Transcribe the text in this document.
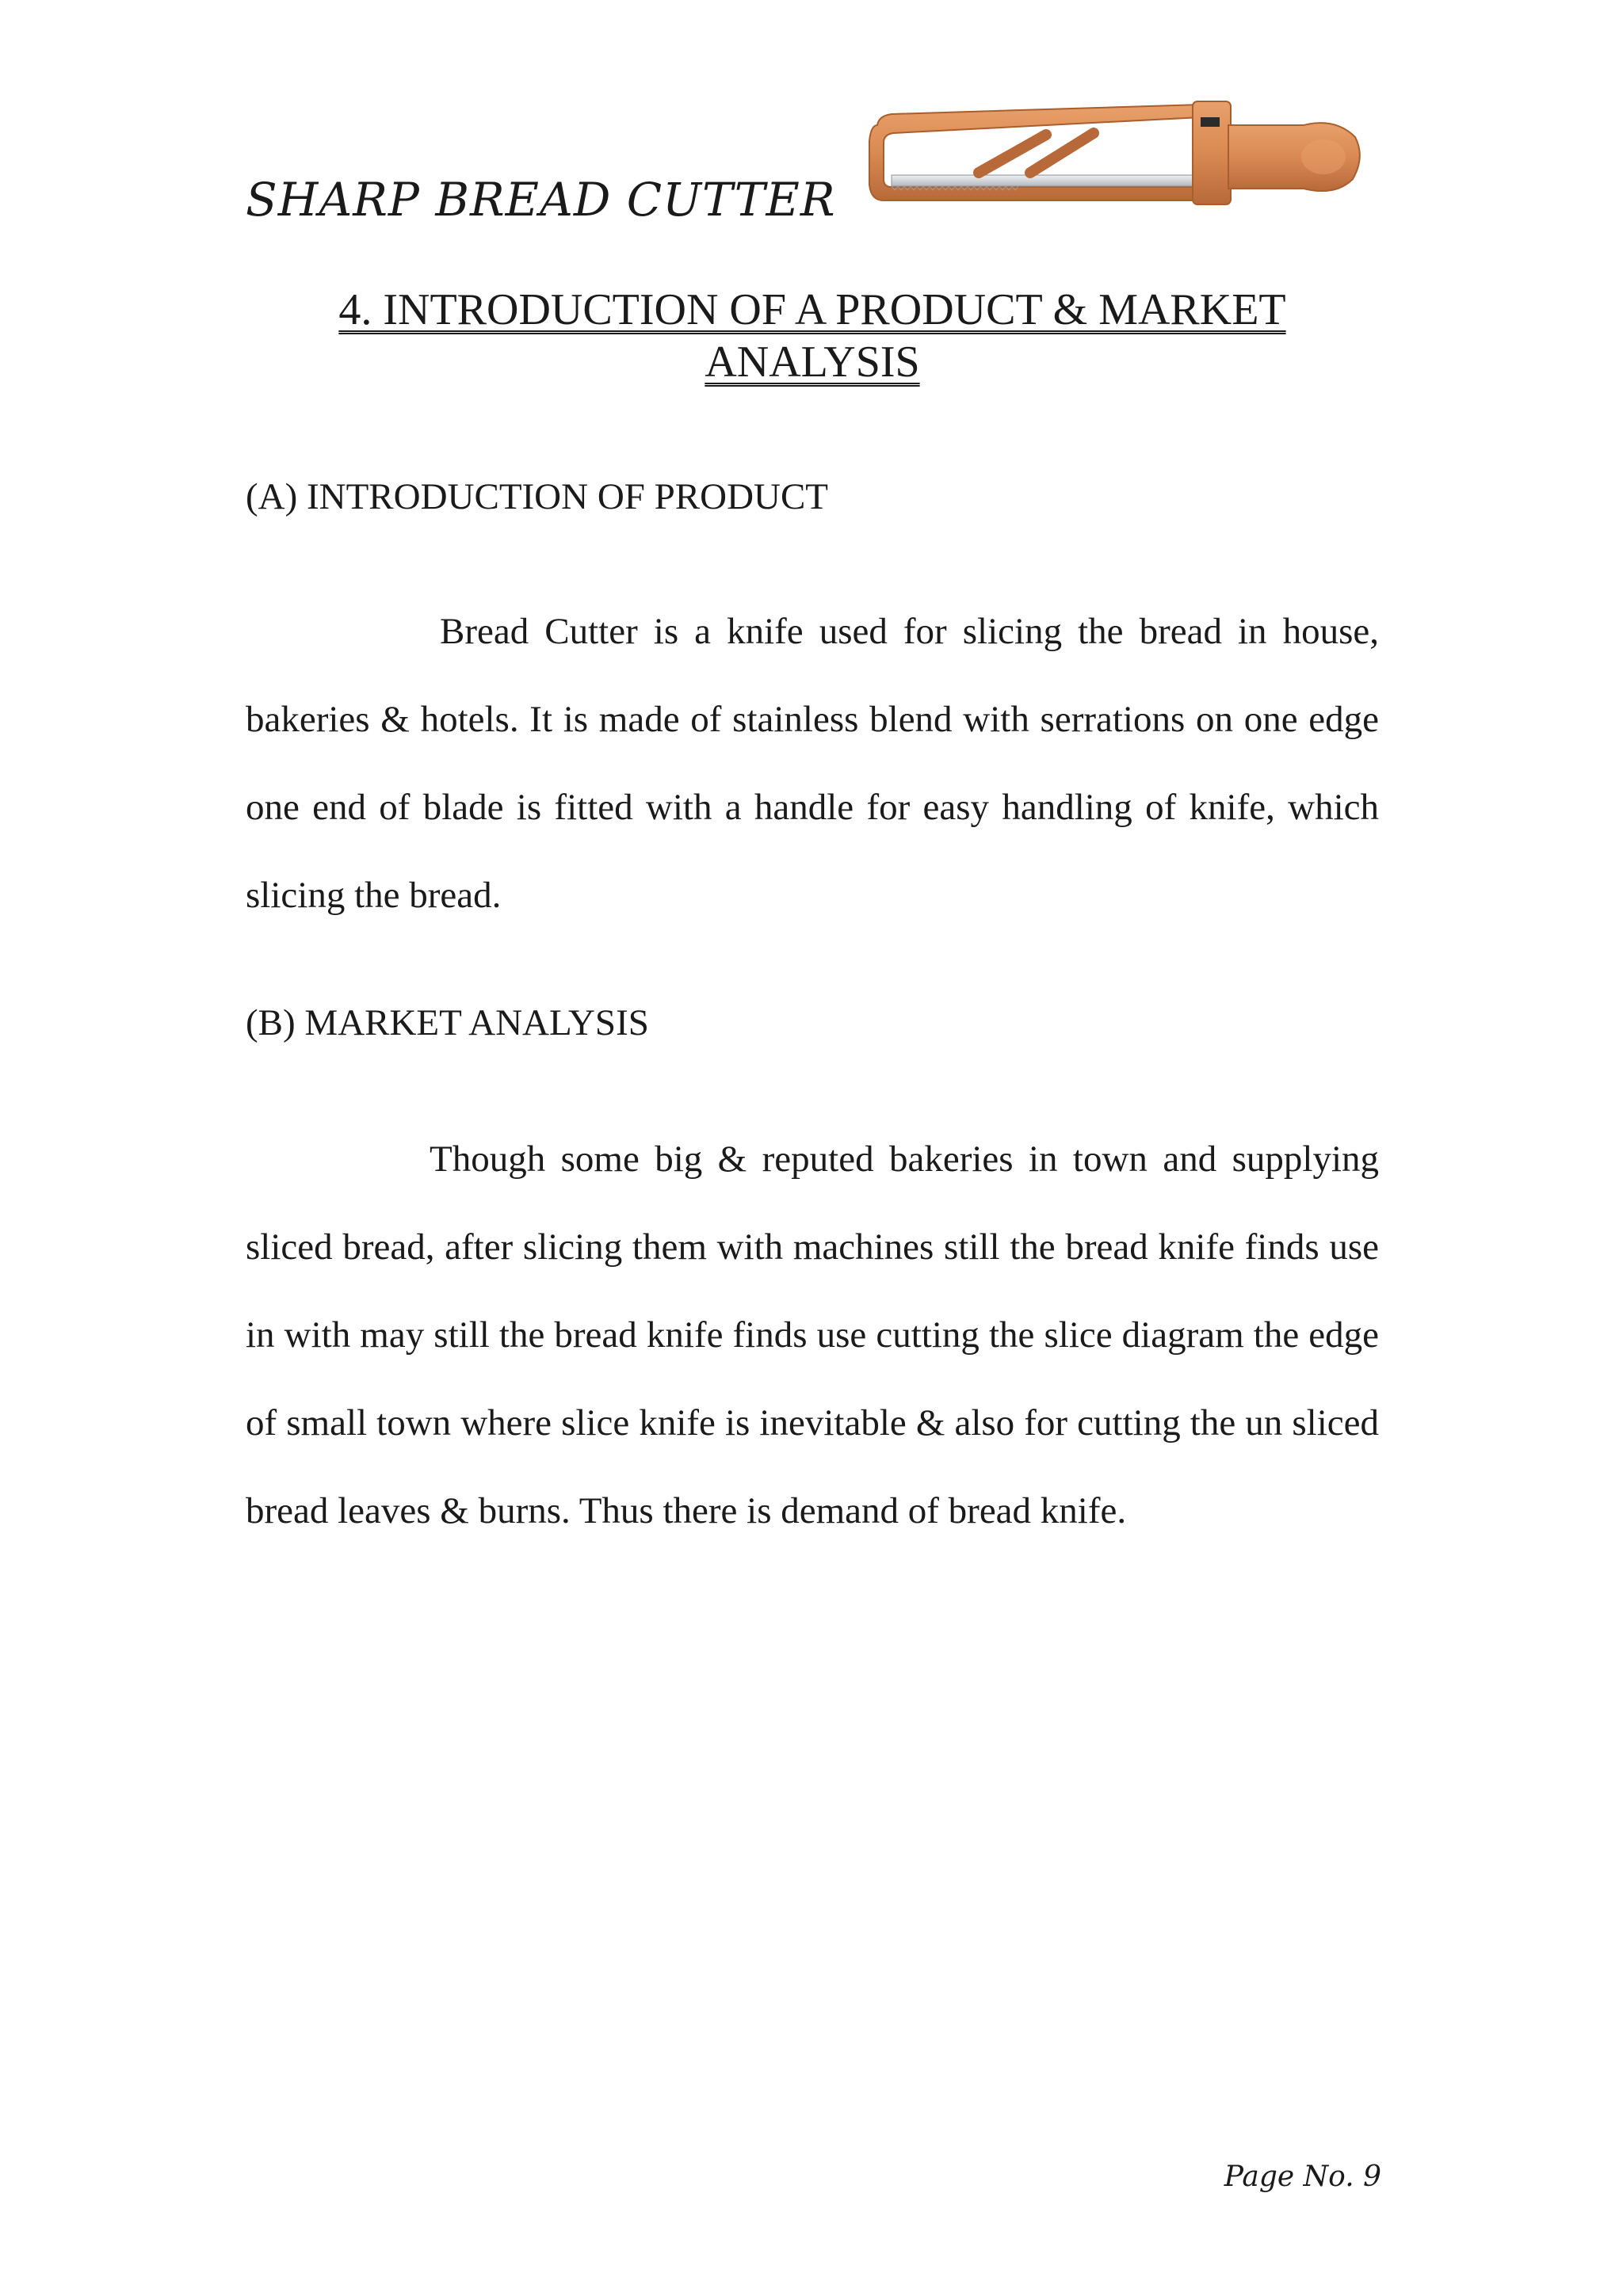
SHARP BREAD CUTTER
4. INTRODUCTION OF A PRODUCT & MARKET
ANALYSIS
(A) INTRODUCTION OF PRODUCT

Bread Cutter is a knife used for slicing the bread in house, bakeries & hotels. It is made of stainless blend with serrations on one edge one end of blade is fitted with a handle for easy handling of knife, which slicing the bread.

(B) MARKET ANALYSIS

Though some big & reputed bakeries in town and supplying sliced bread, after slicing them with machines still the bread knife finds use in with may still the bread knife finds use cutting the slice diagram the edge of small town where slice knife is inevitable & also for cutting the un sliced bread leaves & burns. Thus there is demand of bread knife.

Page No. 9
